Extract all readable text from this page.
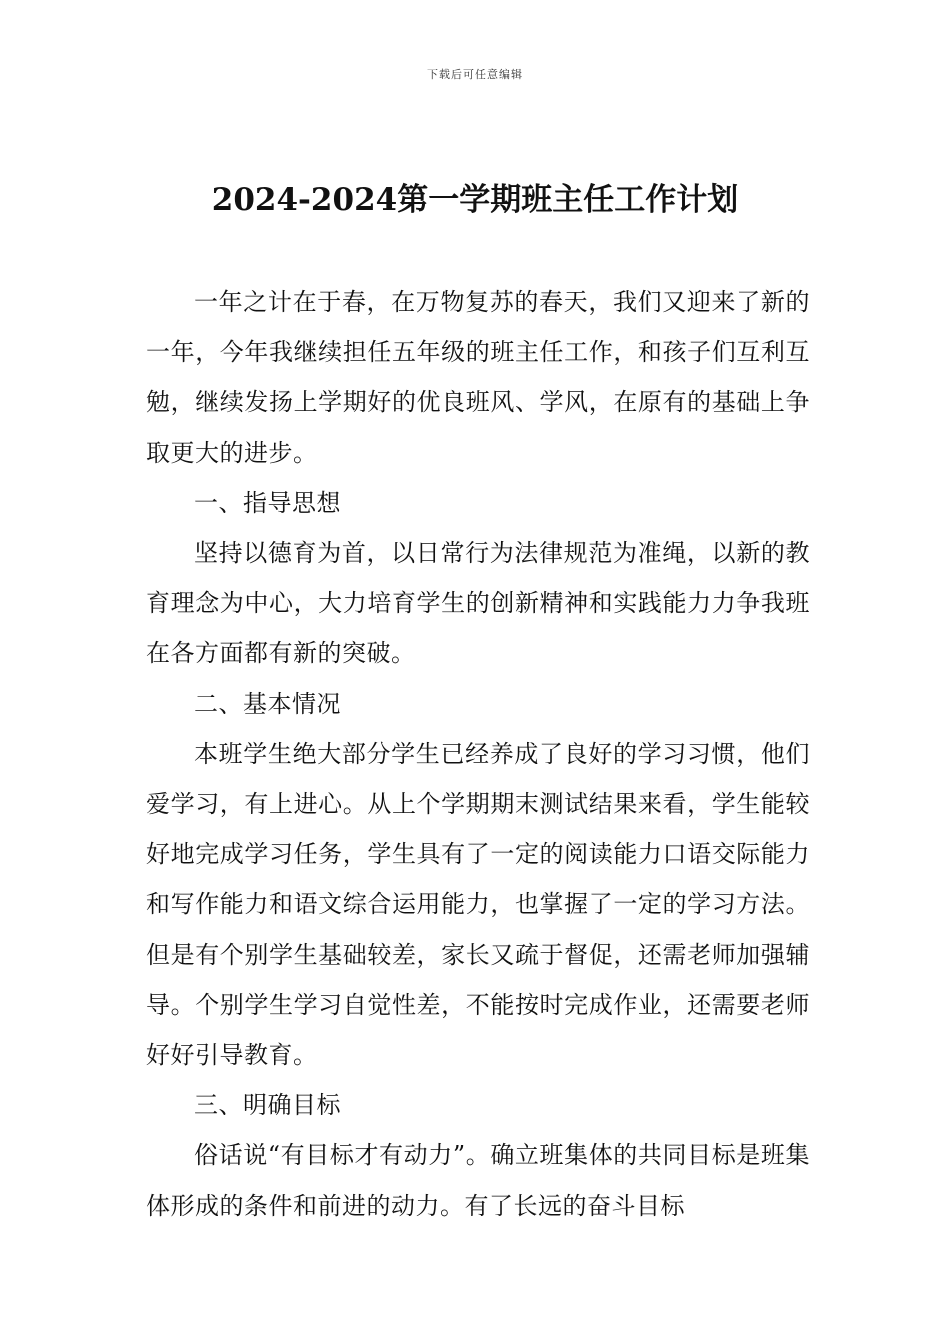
下载后可任意编辑
2024-2024第一学期班主任工作计划

一年之计在于春，在万物复苏的春天，我们又迎来了新的一年，今年我继续担任五年级的班主任工作，和孩子们互利互勉，继续发扬上学期好的优良班风、学风，在原有的基础上争取更大的进步。

一、指导思想

坚持以德育为首，以日常行为法律规范为准绳，以新的教育理念为中心，大力培育学生的创新精神和实践能力力争我班在各方面都有新的突破。

二、基本情况

本班学生绝大部分学生已经养成了良好的学习习惯，他们爱学习，有上进心。从上个学期期末测试结果来看，学生能较好地完成学习任务，学生具有了一定的阅读能力口语交际能力和写作能力和语文综合运用能力，也掌握了一定的学习方法。但是有个别学生基础较差，家长又疏于督促，还需老师加强辅导。个别学生学习自觉性差，不能按时完成作业，还需要老师好好引导教育。

三、明确目标

俗话说“有目标才有动力”。确立班集体的共同目标是班集体形成的条件和前进的动力。有了长远的奋斗目标
